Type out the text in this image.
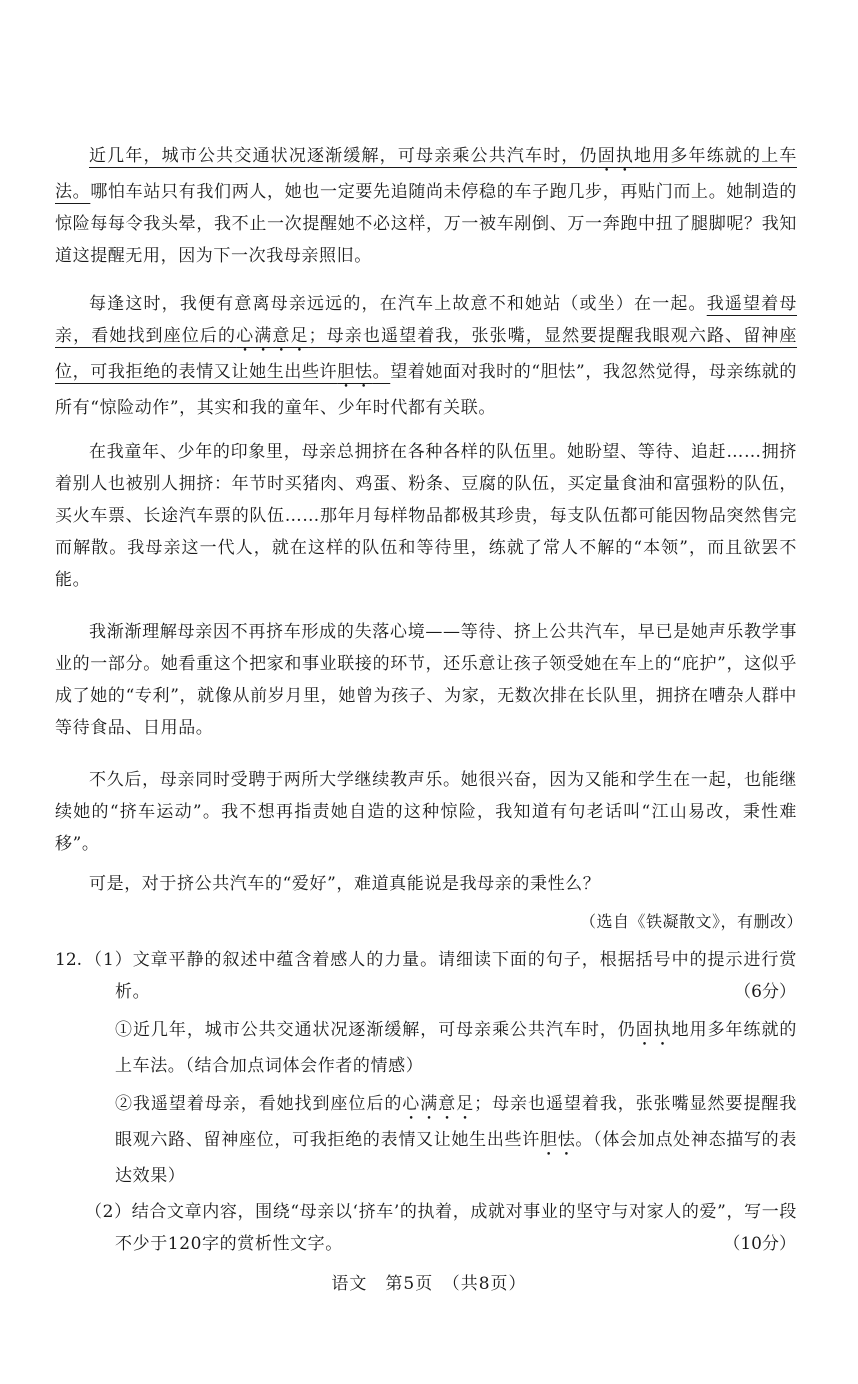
近几年，城市公共交通状况逐渐缓解，可母亲乘公共汽车时，仍固执地用多年练就的上车法。哪怕车站只有我们两人，她也一定要先追随尚未停稳的车子跑几步，再贴门而上。她制造的惊险每每令我头晕，我不止一次提醒她不必这样，万一被车剐倒、万一奔跑中扭了腿脚呢？我知道这提醒无用，因为下一次我母亲照旧。

每逢这时，我便有意离母亲远远的，在汽车上故意不和她站（或坐）在一起。我遥望着母亲，看她找到座位后的心满意足；母亲也遥望着我，张张嘴，显然要提醒我眼观六路、留神座位，可我拒绝的表情又让她生出些许胆怯。望着她面对我时的“胆怯”，我忽然觉得，母亲练就的所有“惊险动作”，其实和我的童年、少年时代都有关联。

在我童年、少年的印象里，母亲总拥挤在各种各样的队伍里。她盼望、等待、追赶……拥挤着别人也被别人拥挤：年节时买猪肉、鸡蛋、粉条、豆腐的队伍，买定量食油和富强粉的队伍，买火车票、长途汽车票的队伍……那年月每样物品都极其珍贵，每支队伍都可能因物品突然售完而解散。我母亲这一代人，就在这样的队伍和等待里，练就了常人不解的“本领”，而且欲罢不能。

我渐渐理解母亲因不再挤车形成的失落心境——等待、挤上公共汽车，早已是她声乐教学事业的一部分。她看重这个把家和事业联接的环节，还乐意让孩子领受她在车上的“庇护”，这似乎成了她的“专利”，就像从前岁月里，她曾为孩子、为家，无数次排在长队里，拥挤在嘈杂人群中等待食品、日用品。

不久后，母亲同时受聘于两所大学继续教声乐。她很兴奋，因为又能和学生在一起，也能继续她的“挤车运动”。我不想再指责她自造的这种惊险，我知道有句老话叫“江山易改，秉性难移”。

可是，对于挤公共汽车的“爱好”，难道真能说是我母亲的秉性么？

（选自《铁凝散文》，有删改）
12. （1）文章平静的叙述中蕴含着感人的力量。请细读下面的句子，根据括号中的提示进行赏析。	（6分）

①近几年，城市公共交通状况逐渐缓解，可母亲乘公共汽车时，仍固执地用多年练就的上车法。（结合加点词体会作者的情感）

②我遥望着母亲，看她找到座位后的心满意足；母亲也遥望着我，张张嘴显然要提醒我眼观六路、留神座位，可我拒绝的表情又让她生出些许胆怯。（体会加点处神态描写的表达效果）

（2）结合文章内容，围绕“母亲以‘挤车’的执着，成就对事业的坚守与对家人的爱”，写一段不少于120字的赏析性文字。	（10分）
语文　第5页　（共8页）
